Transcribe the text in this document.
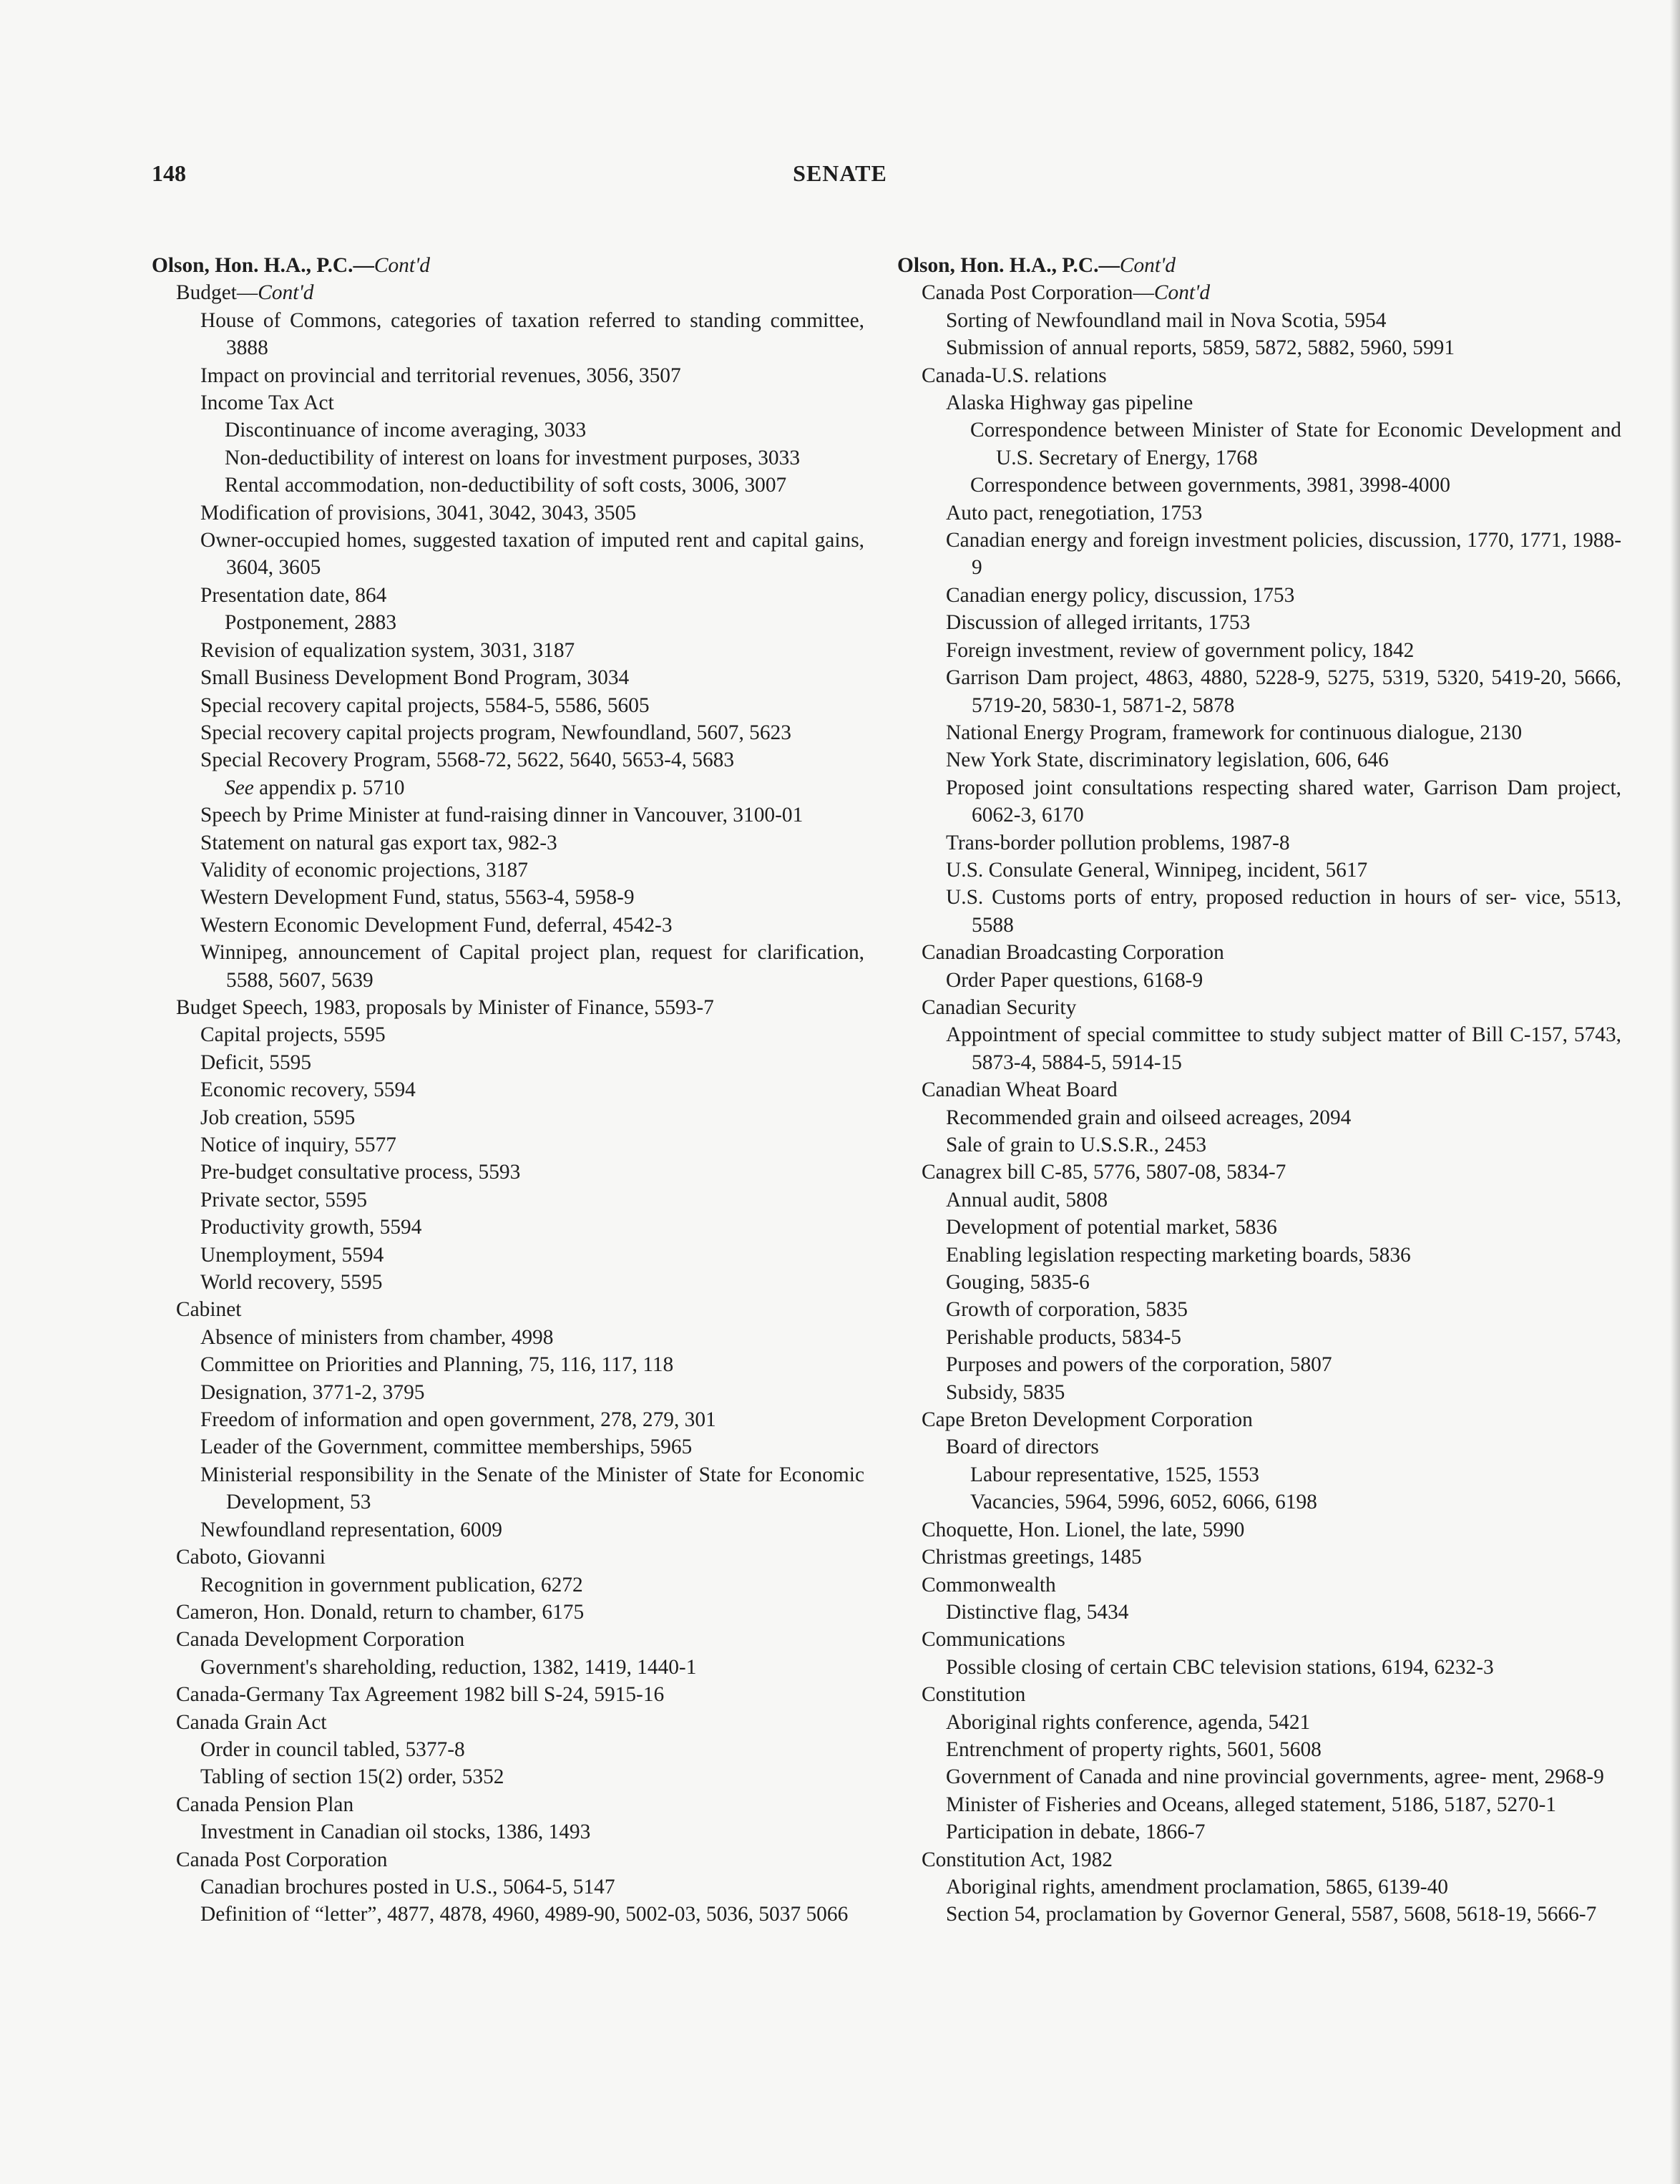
148	SENATE
Olson, Hon. H.A., P.C.—Cont'd
Budget—Cont'd
House of Commons, categories of taxation referred to standing committee, 3888
Impact on provincial and territorial revenues, 3056, 3507
Income Tax Act
Discontinuance of income averaging, 3033
Non-deductibility of interest on loans for investment purposes, 3033
Rental accommodation, non-deductibility of soft costs, 3006, 3007
Modification of provisions, 3041, 3042, 3043, 3505
Owner-occupied homes, suggested taxation of imputed rent and capital gains, 3604, 3605
Presentation date, 864
Postponement, 2883
Revision of equalization system, 3031, 3187
Small Business Development Bond Program, 3034
Special recovery capital projects, 5584-5, 5586, 5605
Special recovery capital projects program, Newfoundland, 5607, 5623
Special Recovery Program, 5568-72, 5622, 5640, 5653-4, 5683
See appendix p. 5710
Speech by Prime Minister at fund-raising dinner in Vancouver, 3100-01
Statement on natural gas export tax, 982-3
Validity of economic projections, 3187
Western Development Fund, status, 5563-4, 5958-9
Western Economic Development Fund, deferral, 4542-3
Winnipeg, announcement of Capital project plan, request for clarification, 5588, 5607, 5639
Budget Speech, 1983, proposals by Minister of Finance, 5593-7
Capital projects, 5595
Deficit, 5595
Economic recovery, 5594
Job creation, 5595
Notice of inquiry, 5577
Pre-budget consultative process, 5593
Private sector, 5595
Productivity growth, 5594
Unemployment, 5594
World recovery, 5595
Cabinet
Absence of ministers from chamber, 4998
Committee on Priorities and Planning, 75, 116, 117, 118
Designation, 3771-2, 3795
Freedom of information and open government, 278, 279, 301
Leader of the Government, committee memberships, 5965
Ministerial responsibility in the Senate of the Minister of State for Economic Development, 53
Newfoundland representation, 6009
Caboto, Giovanni
Recognition in government publication, 6272
Cameron, Hon. Donald, return to chamber, 6175
Canada Development Corporation
Government's shareholding, reduction, 1382, 1419, 1440-1
Canada-Germany Tax Agreement 1982 bill S-24, 5915-16
Canada Grain Act
Order in council tabled, 5377-8
Tabling of section 15(2) order, 5352
Canada Pension Plan
Investment in Canadian oil stocks, 1386, 1493
Canada Post Corporation
Canadian brochures posted in U.S., 5064-5, 5147
Definition of “letter”, 4877, 4878, 4960, 4989-90, 5002-03, 5036, 5037 5066
Olson, Hon. H.A., P.C.—Cont'd
Canada Post Corporation—Cont'd
Sorting of Newfoundland mail in Nova Scotia, 5954
Submission of annual reports, 5859, 5872, 5882, 5960, 5991
Canada-U.S. relations
Alaska Highway gas pipeline
Correspondence between Minister of State for Economic Development and U.S. Secretary of Energy, 1768
Correspondence between governments, 3981, 3998-4000
Auto pact, renegotiation, 1753
Canadian energy and foreign investment policies, discussion, 1770, 1771, 1988-9
Canadian energy policy, discussion, 1753
Discussion of alleged irritants, 1753
Foreign investment, review of government policy, 1842
Garrison Dam project, 4863, 4880, 5228-9, 5275, 5319, 5320, 5419-20, 5666, 5719-20, 5830-1, 5871-2, 5878
National Energy Program, framework for continuous dialogue, 2130
New York State, discriminatory legislation, 606, 646
Proposed joint consultations respecting shared water, Garrison Dam project, 6062-3, 6170
Trans-border pollution problems, 1987-8
U.S. Consulate General, Winnipeg, incident, 5617
U.S. Customs ports of entry, proposed reduction in hours of ser- vice, 5513, 5588
Canadian Broadcasting Corporation
Order Paper questions, 6168-9
Canadian Security
Appointment of special committee to study subject matter of Bill C-157, 5743, 5873-4, 5884-5, 5914-15
Canadian Wheat Board
Recommended grain and oilseed acreages, 2094
Sale of grain to U.S.S.R., 2453
Canagrex bill C-85, 5776, 5807-08, 5834-7
Annual audit, 5808
Development of potential market, 5836
Enabling legislation respecting marketing boards, 5836
Gouging, 5835-6
Growth of corporation, 5835
Perishable products, 5834-5
Purposes and powers of the corporation, 5807
Subsidy, 5835
Cape Breton Development Corporation
Board of directors
Labour representative, 1525, 1553
Vacancies, 5964, 5996, 6052, 6066, 6198
Choquette, Hon. Lionel, the late, 5990
Christmas greetings, 1485
Commonwealth
Distinctive flag, 5434
Communications
Possible closing of certain CBC television stations, 6194, 6232-3
Constitution
Aboriginal rights conference, agenda, 5421
Entrenchment of property rights, 5601, 5608
Government of Canada and nine provincial governments, agree- ment, 2968-9
Minister of Fisheries and Oceans, alleged statement, 5186, 5187, 5270-1
Participation in debate, 1866-7
Constitution Act, 1982
Aboriginal rights, amendment proclamation, 5865, 6139-40
Section 54, proclamation by Governor General, 5587, 5608, 5618-19, 5666-7
